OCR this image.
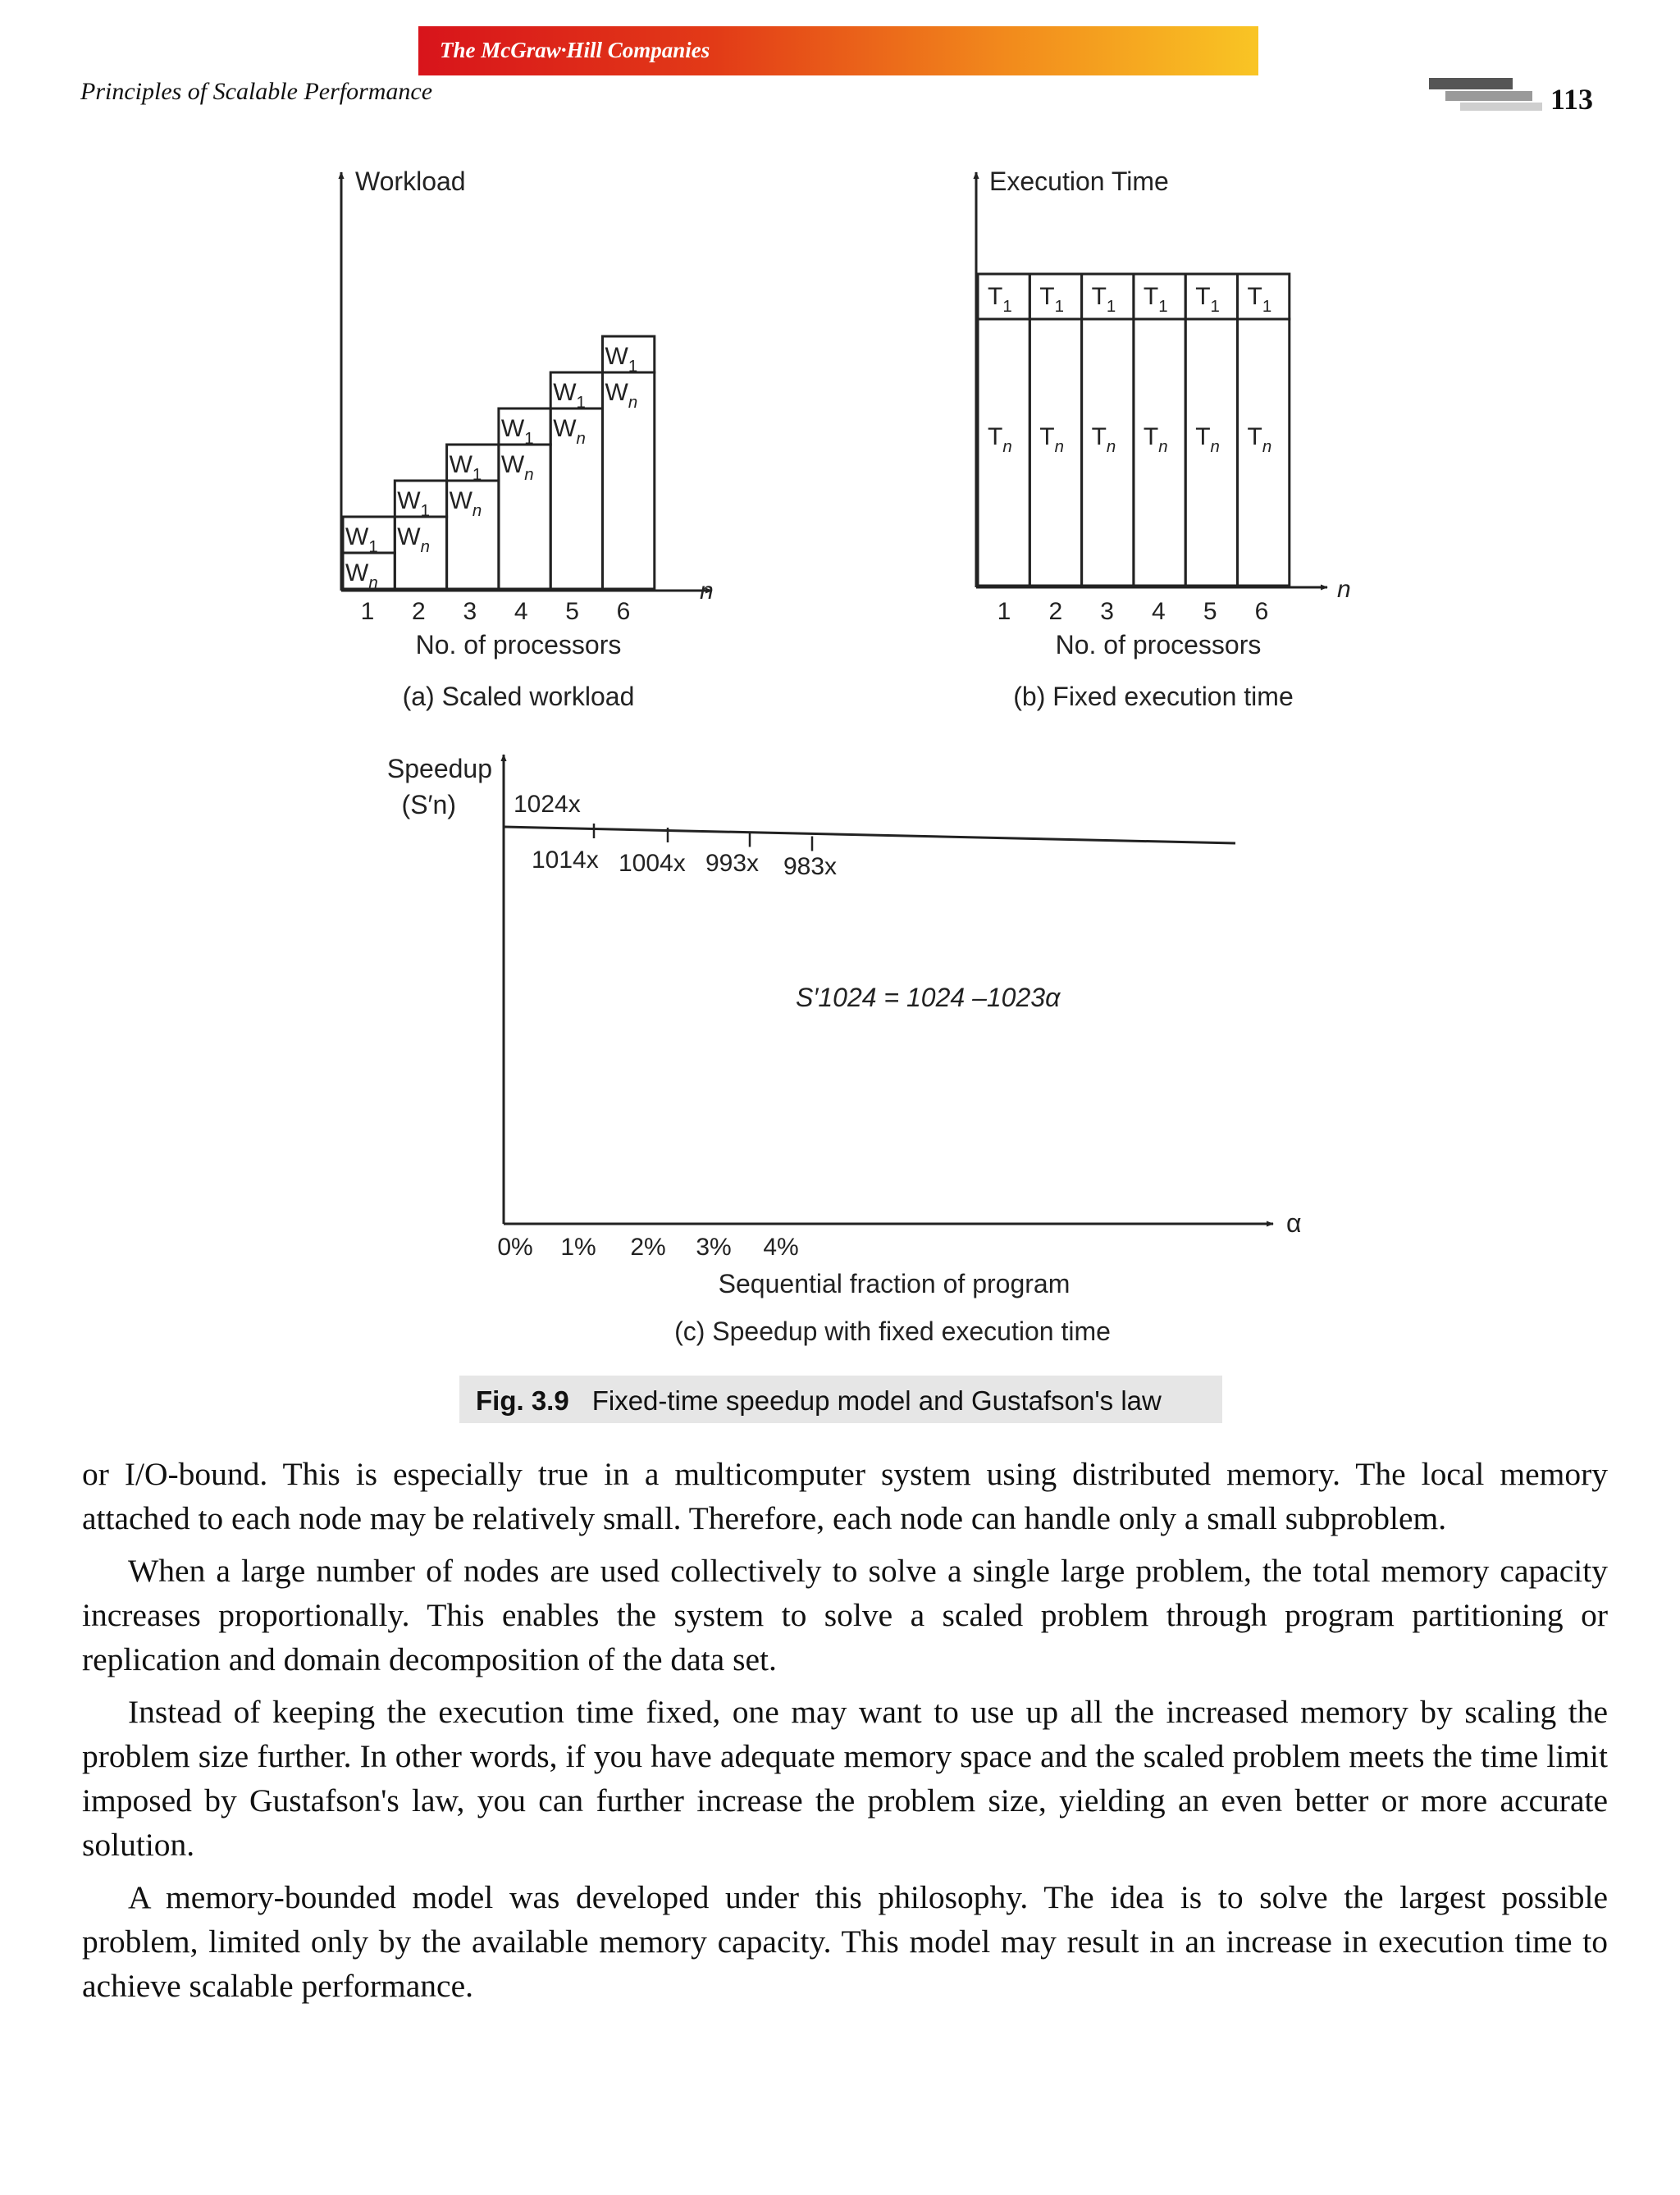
The McGraw·Hill Companies
Principles of Scalable Performance	113
Workload
n
$W_1$
$W_n$
$W_1$
$W_n$
$W_1$
$W_n$
$W_1$
$W_n$
$W_1$
$W_n$
$W_1$
$W_n$
1 2 3 4 5 6
No. of processors
(a) Scaled workload
Execution Time
n
$T_1$
$T_n$
$T_1$
$T_n$
$T_1$
$T_n$
$T_1$
$T_n$
$T_1$
$T_n$
$T_1$
$T_n$
1 2 3 4 5 6
No. of processors
(b) Fixed execution time
Speedup
(S′n)
α
1024x
1014x 1004x 993x 983x
0% 1% 2% 3% 4%
S′1024 = 1024 –1023α
Sequential fraction of program
(c) Speedup with fixed execution time
Fig. 3.9 Fixed-time speedup model and Gustafson's law

or I/O-bound. This is especially true in a multicomputer system using distributed memory. The local memory attached to each node may be relatively small. Therefore, each node can handle only a small subproblem.

When a large number of nodes are used collectively to solve a single large problem, the total memory capacity increases proportionally. This enables the system to solve a scaled problem through program partitioning or replication and domain decomposition of the data set.

Instead of keeping the execution time fixed, one may want to use up all the increased memory by scaling the problem size further. In other words, if you have adequate memory space and the scaled problem meets the time limit imposed by Gustafson's law, you can further increase the problem size, yielding an even better or more accurate solution.

A memory-bounded model was developed under this philosophy. The idea is to solve the largest possible problem, limited only by the available memory capacity. This model may result in an increase in execution time to achieve scalable performance.
